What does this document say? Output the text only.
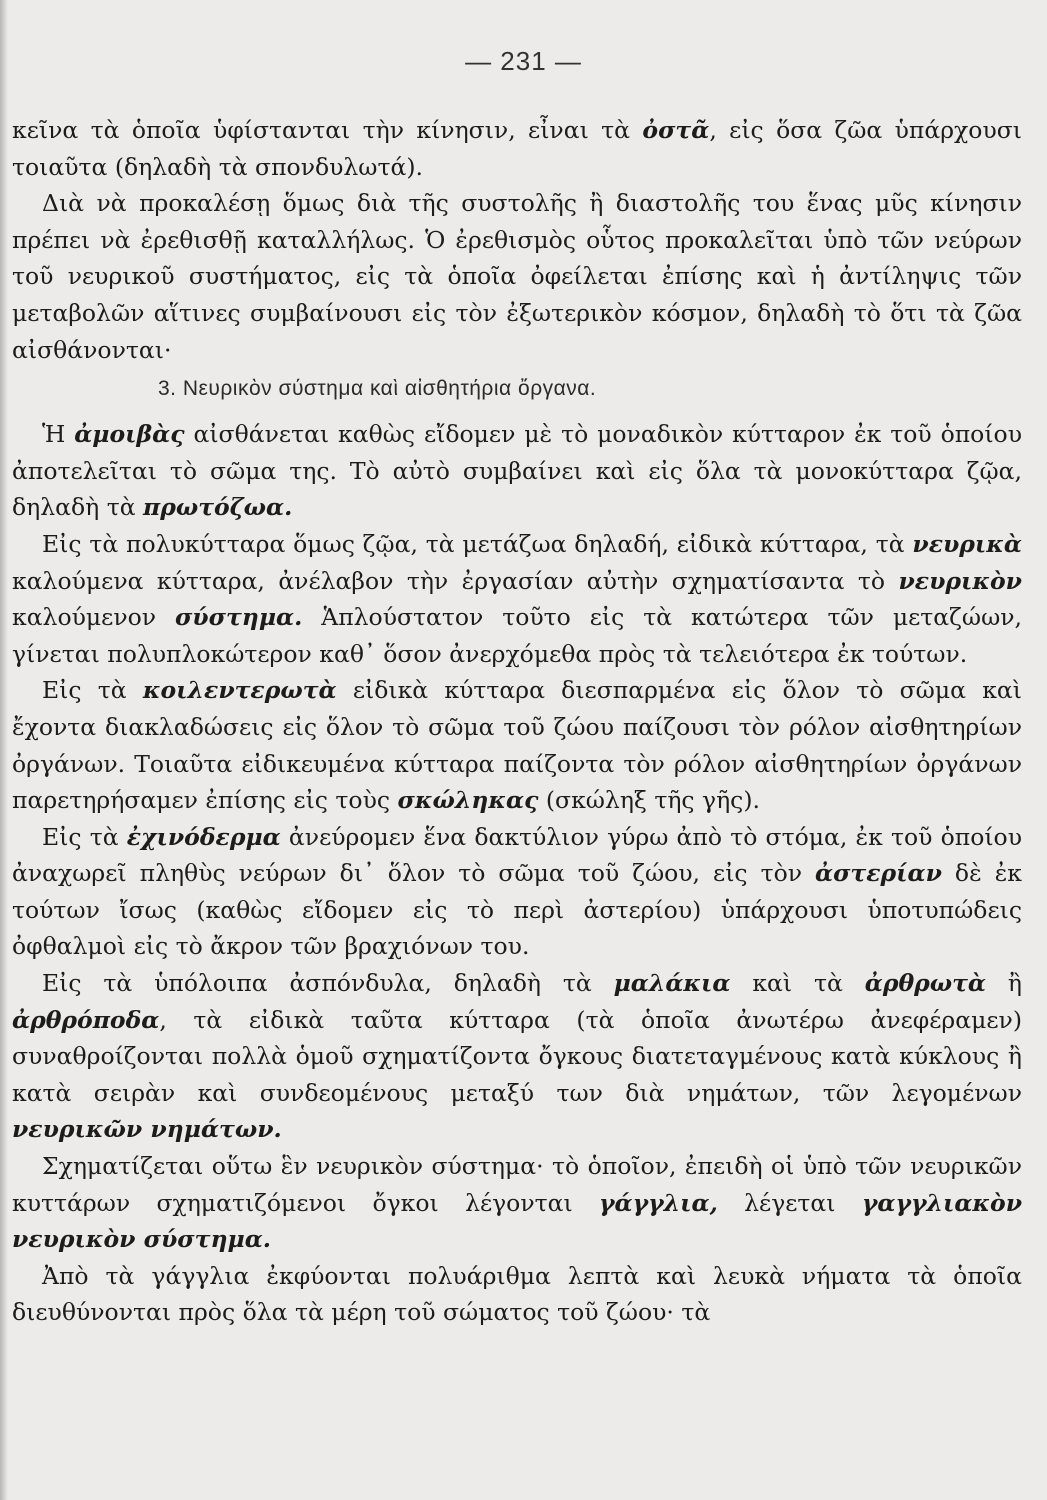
— 231 —

κεῖνα τὰ ὁποῖα ὑφίστανται τὴν κίνησιν, εἶναι τὰ ὀστᾶ, εἰς ὅσα ζῶα ὑπάρχουσι τοιαῦτα (δηλαδὴ τὰ σπονδυλωτά).

Διὰ νὰ προκαλέσῃ ὅμως διὰ τῆς συστολῆς ἢ διαστολῆς του ἕνας μῦς κίνησιν πρέπει νὰ ἐρεθισθῇ καταλλήλως. Ὁ ἐρεθισμὸς οὗτος προκαλεῖται ὑπὸ τῶν νεύρων τοῦ νευρικοῦ συστήματος, εἰς τὰ ὁποῖα ὀφείλεται ἐπίσης καὶ ἡ ἀντίληψις τῶν μεταβολῶν αἵτινες συμβαίνουσι εἰς τὸν ἐξωτερικὸν κόσμον, δηλαδὴ τὸ ὅτι τὰ ζῶα αἰσθάνονται·

3. Νευρικὸν σύστημα καὶ αἰσθητήρια ὄργανα.

Ἡ ἀμοιβὰς αἰσθάνεται καθὼς εἴδομεν μὲ τὸ μοναδικὸν κύτταρον ἐκ τοῦ ὁποίου ἀποτελεῖται τὸ σῶμα της. Τὸ αὐτὸ συμβαίνει καὶ εἰς ὅλα τὰ μονοκύτταρα ζῷα, δηλαδὴ τὰ πρωτόζωα.

Εἰς τὰ πολυκύτταρα ὅμως ζῷα, τὰ μετάζωα δηλαδή, εἰδικὰ κύτταρα, τὰ νευρικὰ καλούμενα κύτταρα, ἀνέλαβον τὴν ἐργασίαν αὐτὴν σχηματίσαντα τὸ νευρικὸν καλούμενον σύστημα. Ἁπλούστατον τοῦτο εἰς τὰ κατώτερα τῶν μεταζώων, γίνεται πολυπλοκώτερον καθ᾿ ὅσον ἀνερχόμεθα πρὸς τὰ τελειότερα ἐκ τούτων.

Εἰς τὰ κοιλεντερωτὰ εἰδικὰ κύτταρα διεσπαρμένα εἰς ὅλον τὸ σῶμα καὶ ἔχοντα διακλαδώσεις εἰς ὅλον τὸ σῶμα τοῦ ζώου παίζουσι τὸν ρόλον αἰσθητηρίων ὀργάνων. Τοιαῦτα εἰδικευμένα κύτταρα παίζοντα τὸν ρόλον αἰσθητηρίων ὀργάνων παρετηρήσαμεν ἐπίσης εἰς τοὺς σκώληκας (σκώληξ τῆς γῆς).

Εἰς τὰ ἐχινόδερμα ἀνεύρομεν ἕνα δακτύλιον γύρω ἀπὸ τὸ στόμα, ἐκ τοῦ ὁποίου ἀναχωρεῖ πληθὺς νεύρων δι᾿ ὅλον τὸ σῶμα τοῦ ζώου, εἰς τὸν ἀστερίαν δὲ ἐκ τούτων ἴσως (καθὼς εἴδομεν εἰς τὸ περὶ ἀστερίου) ὑπάρχουσι ὑποτυπώδεις ὀφθαλμοὶ εἰς τὸ ἄκρον τῶν βραχιόνων του.

Εἰς τὰ ὑπόλοιπα ἀσπόνδυλα, δηλαδὴ τὰ μαλάκια καὶ τὰ ἀρθρωτὰ ἢ ἀρθρόποδα, τὰ εἰδικὰ ταῦτα κύτταρα (τὰ ὁποῖα ἀνωτέρω ἀνεφέραμεν) συναθροίζονται πολλὰ ὁμοῦ σχηματίζοντα ὄγκους διατεταγμένους κατὰ κύκλους ἢ κατὰ σειρὰν καὶ συνδεομένους μεταξύ των διὰ νημάτων, τῶν λεγομένων νευρικῶν νημάτων.

Σχηματίζεται οὕτω ἓν νευρικὸν σύστημα· τὸ ὁποῖον, ἐπειδὴ οἱ ὑπὸ τῶν νευρικῶν κυττάρων σχηματιζόμενοι ὄγκοι λέγονται γάγγλια, λέγεται γαγγλιακὸν νευρικὸν σύστημα.

Ἀπὸ τὰ γάγγλια ἐκφύονται πολυάριθμα λεπτὰ καὶ λευκὰ νήματα τὰ ὁποῖα διευθύνονται πρὸς ὅλα τὰ μέρη τοῦ σώματος τοῦ ζώου· τὰ
